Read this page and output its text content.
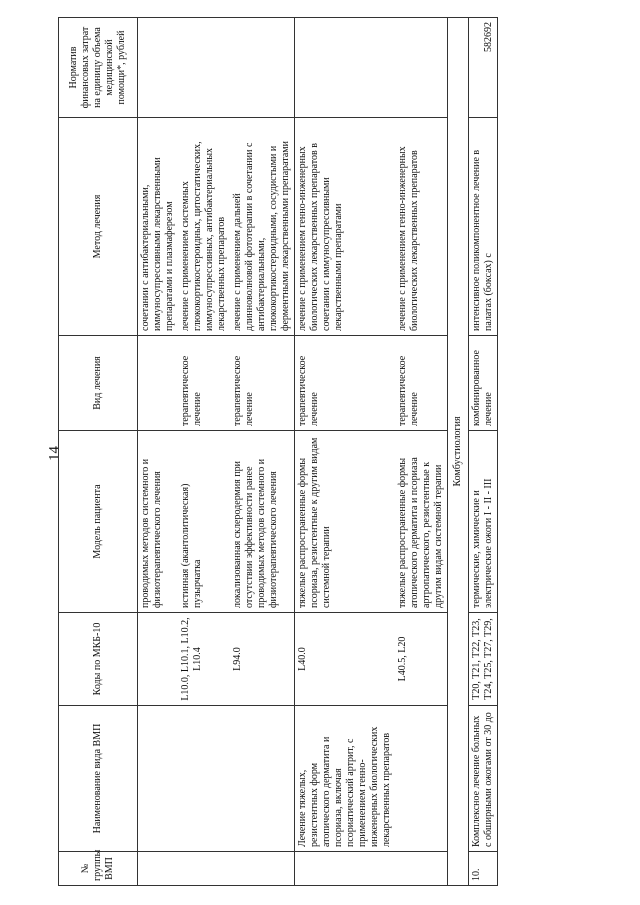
14
№ группы ВМП	Наименование вида ВМП	Коды по МКБ-10	Модель пациента	Вид лечения	Метод лечения	Норматив финансовых затрат на единицу объема медицинской помощи*, рублей
			проводимых методов системного и физиотерапевтического лечения		сочетании с антибактериальными, иммуносупрессивными лекарственными препаратами и плазмаферезом	
		L10.0, L10.1, L10.2, L10.4	истинная (акантолитическая) пузырчатка	терапевтическое лечение	лечение с применением системных глюкокортикостероидных, цитостатических, иммуносупрессивных, антибактериальных лекарственных препаратов	
		L94.0	локализованная склеродермия при отсутствии эффективности ранее проводимых методов системного и физиотерапевтического лечения	терапевтическое лечение	лечение с применением дальней длинноволновой фототерапии в сочетании с антибактериальными, глюкокортикостероидными, сосудистыми и ферментными лекарственными препаратами	
	Лечение тяжелых, резистентных форм атопического дерматита и псориаза, включая псориатический артрит, с применением генно-инженерных биологических лекарственных препаратов	L40.0	тяжелые распространенные формы псориаза, резистентные к другим видам системной терапии	терапевтическое лечение	лечение с применением генно-инженерных биологических лекарственных препаратов в сочетании с иммуносупрессивными лекарственными препаратами	
		L40.5, L20	тяжелые распространенные формы атопического дерматита и псориаза артропатического, резистентные к другим видам системной терапии	терапевтическое лечение	лечение с применением генно-инженерных биологических лекарственных препаратов	
Комбустиология						
10.	Комплексное лечение больных с обширными ожогами от 30 до	T20, T21, T22, T23, T24, T25, T27, T29,	термические, химические и электрические ожоги I - II - III	комбинированное лечение	интенсивное поликомпонентное лечение в палатах (боксах) с	582692
